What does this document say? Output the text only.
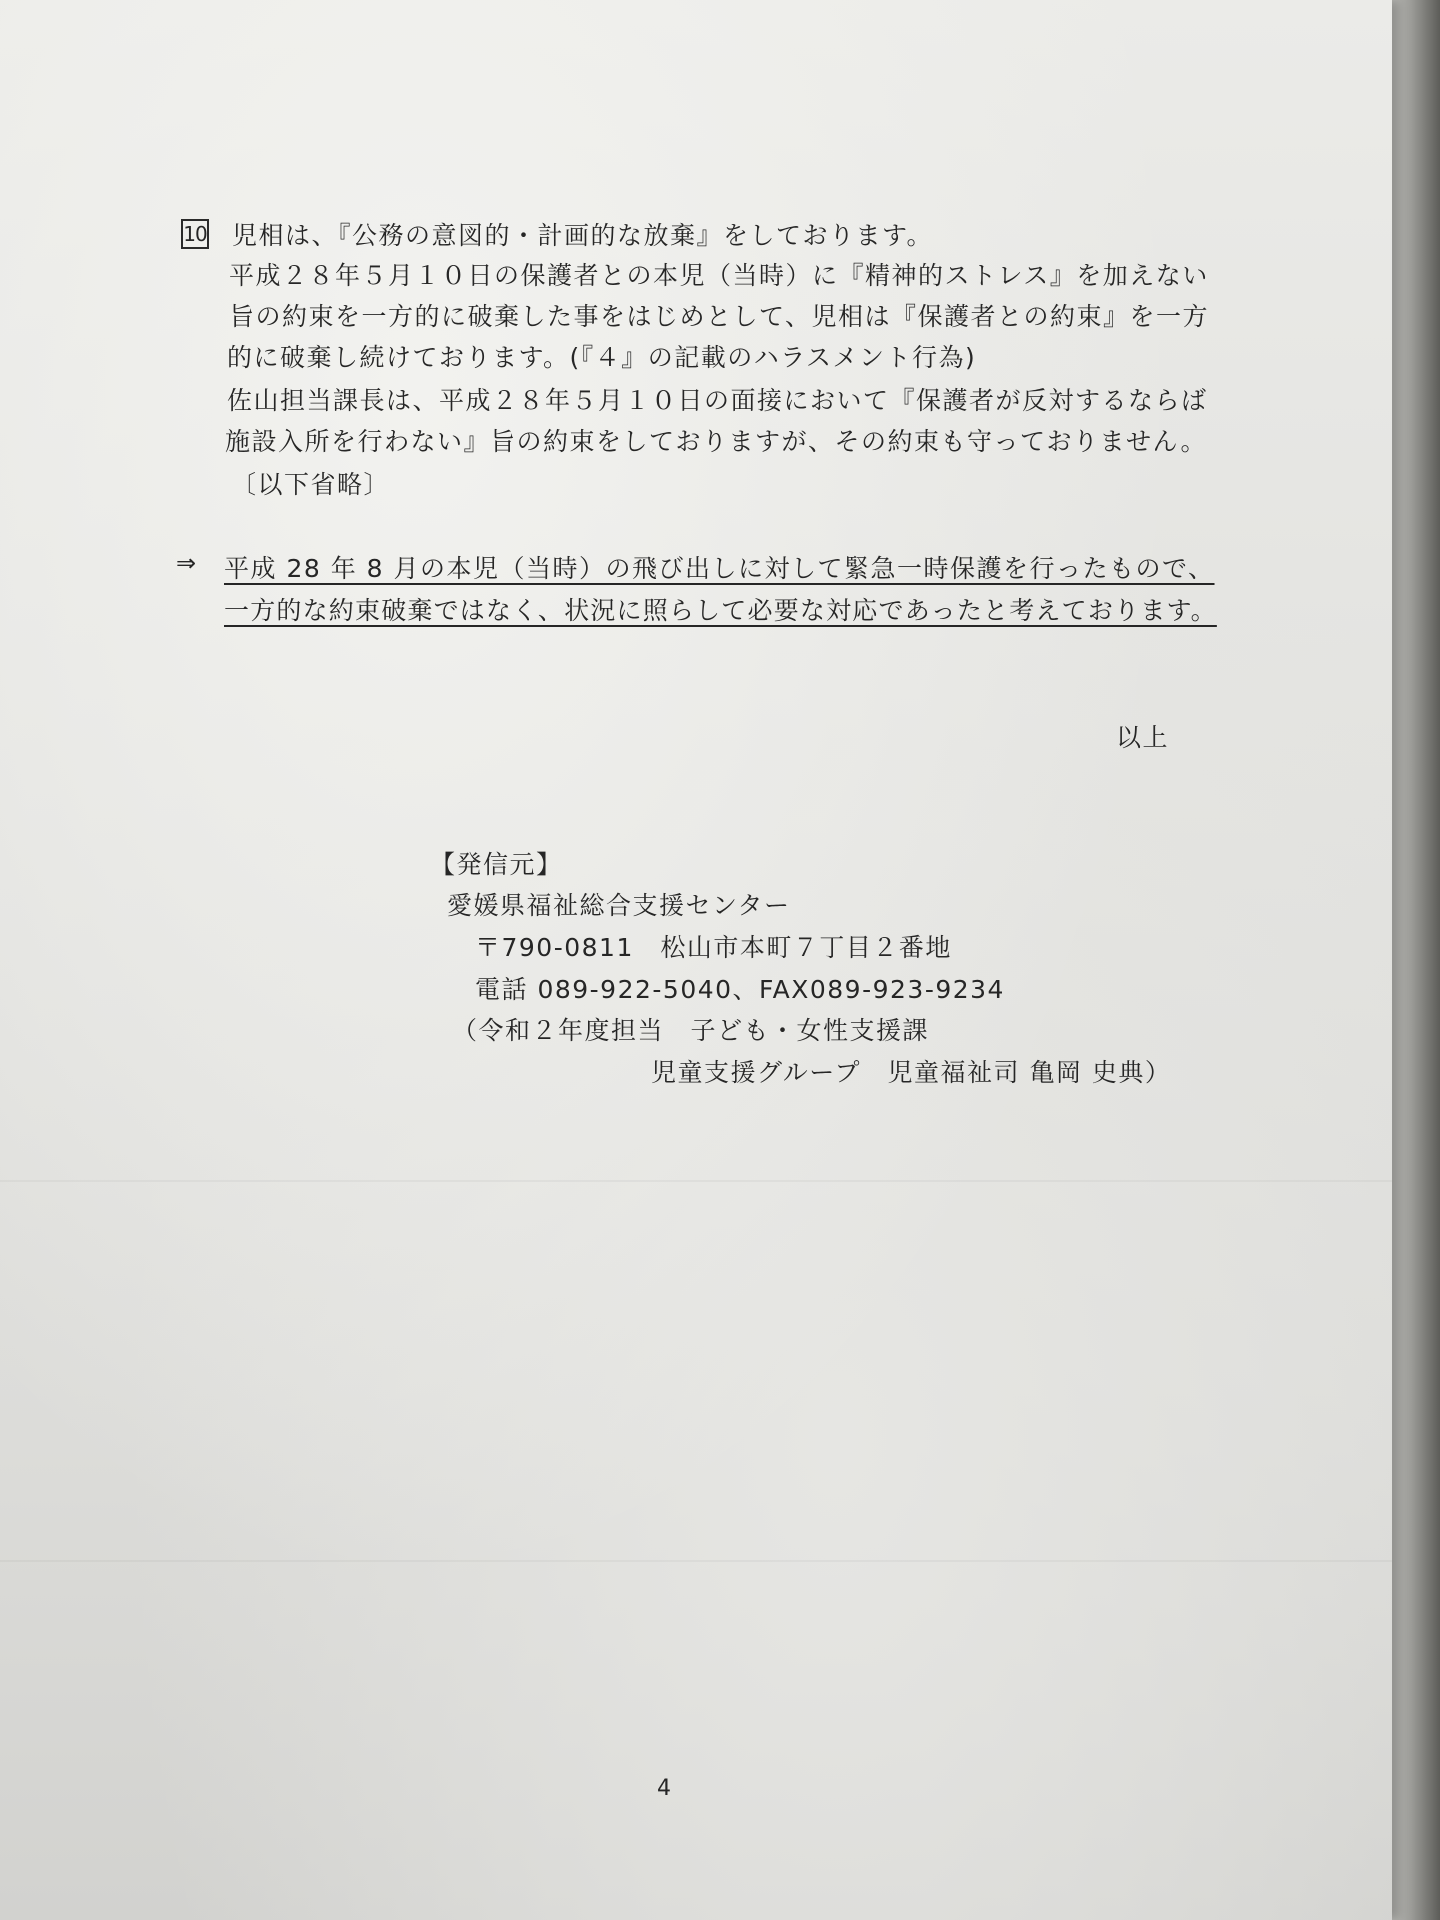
10 児相は、『公務の意図的・計画的な放棄』をしております。
平成２８年５月１０日の保護者との本児（当時）に『精神的ストレス』を加えない
旨の約束を一方的に破棄した事をはじめとして、児相は『保護者との約束』を一方
的に破棄し続けております。(『４』の記載のハラスメント行為)
佐山担当課長は、平成２８年５月１０日の面接において『保護者が反対するならば
施設入所を行わない』旨の約束をしておりますが、その約束も守っておりません。
〔以下省略〕
⇒ 平成 28 年 8 月の本児（当時）の飛び出しに対して緊急一時保護を行ったもので、
一方的な約束破棄ではなく、状況に照らして必要な対応であったと考えております。
以上
【発信元】
愛媛県福祉総合支援センター
〒790-0811　松山市本町７丁目２番地
電話 089-922-5040、FAX089-923-9234
（令和２年度担当　子ども・女性支援課
児童支援グループ　児童福祉司 亀岡 史典）
4
